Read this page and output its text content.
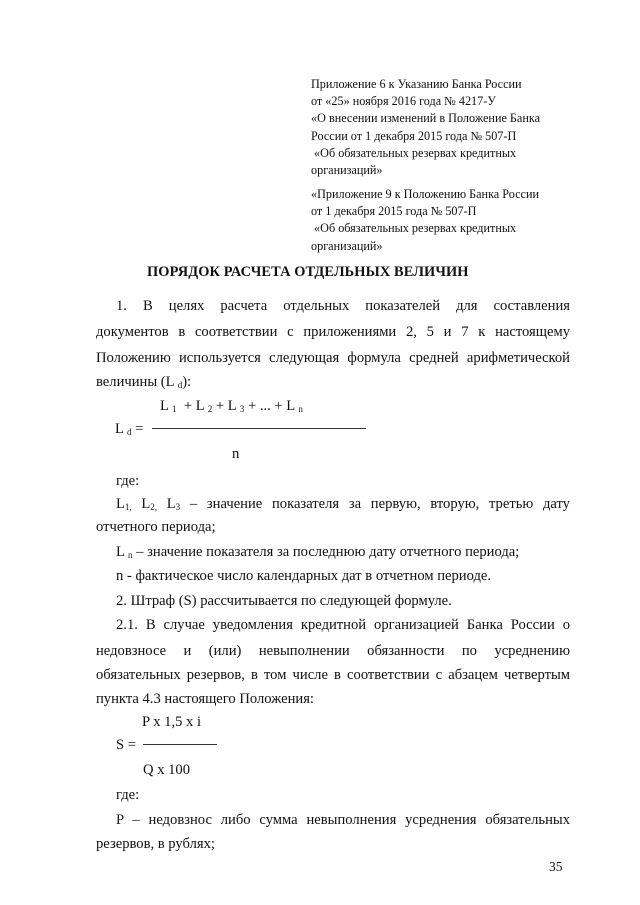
Приложение 6 к Указанию Банка России
от «25» ноября 2016 года № 4217-У
«О внесении изменений в Положение Банка
России от 1 декабря 2015 года № 507-П
«Об обязательных резервах кредитных
организаций»
«Приложение 9 к Положению Банка России
от 1 декабря 2015 года № 507-П
«Об обязательных резервах кредитных
организаций»
ПОРЯДОК РАСЧЕТА ОТДЕЛЬНЫХ ВЕЛИЧИН
1. В целях расчета отдельных показателей для составления
документов в соответствии с приложениями 2, 5 и 7 к настоящему
Положению используется следующая формула средней арифметической
величины (L $_d$):
L $_1$  + L $_2$ + L $_3$ + ... + L $_n$
L $_d$ =
n
где:
$L_{1,}$ $L_{2,}$ $L_3$ – значение показателя за первую, вторую, третью дату
отчетного периода;
L $_n$ – значение показателя за последнюю дату отчетного периода;
n - фактическое число календарных дат в отчетном периоде.
2. Штраф (S) рассчитывается по следующей формуле.
2.1. В случае уведомления кредитной организацией Банка России о
недовзносе и (или) невыполнении обязанности по усреднению
обязательных резервов, в том числе в соответствии с абзацем четвертым
пункта 4.3 настоящего Положения:
P x 1,5 x i
S =
Q x 100
где:
P – недовзнос либо сумма невыполнения усреднения обязательных
резервов, в рублях;
35
